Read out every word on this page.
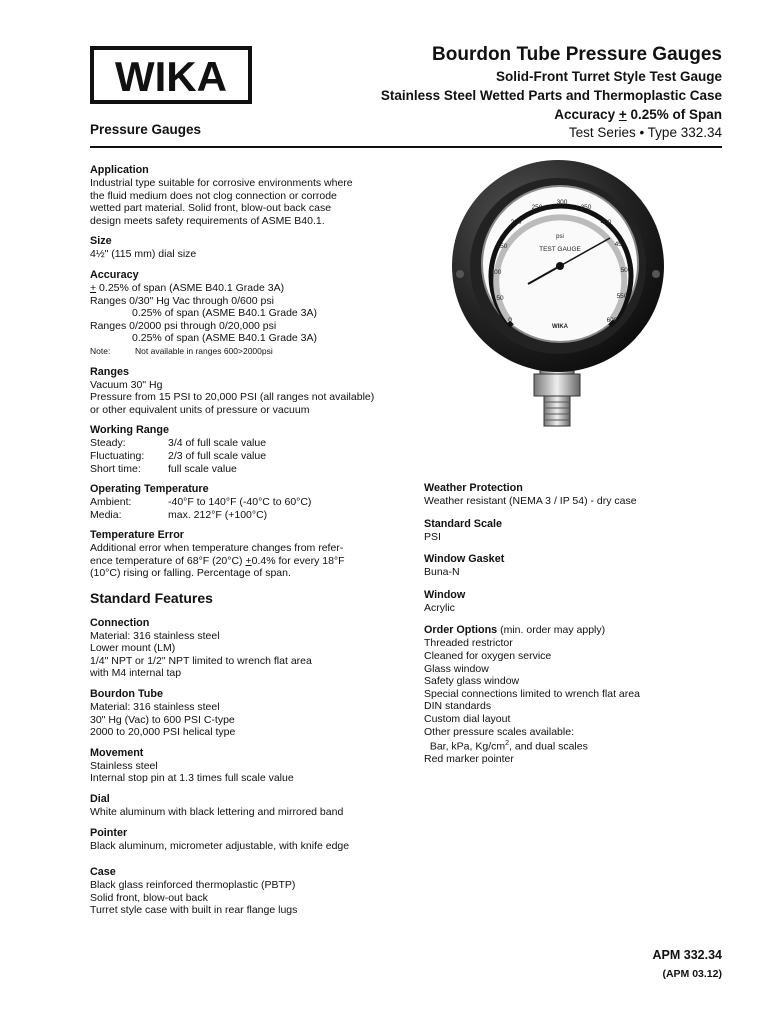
WIKA	Bourdon Tube Pressure Gauges
Solid-Front Turret Style Test Gauge
Stainless Steel Wetted Parts and Thermoplastic Case
Accuracy + 0.25% of Span
Test Series • Type 332.34
Pressure Gauges
250
300
350
200
150
100
50
0
400
450
500
550
600
psi
TEST GAUGE
WIKA
Application
Industrial type suitable for corrosive environments where
the fluid medium does not clog connection or corrode
wetted part material. Solid front, blow-out back case
design meets safety requirements of ASME B40.1.
Size
4½" (115 mm) dial size
Accuracy
+ 0.25% of span (ASME B40.1 Grade 3A)
Ranges 0/30" Hg Vac through 0/600 psi
0.25% of span (ASME B40.1 Grade 3A)
Ranges 0/2000 psi through 0/20,000 psi
0.25% of span (ASME B40.1 Grade 3A)
Note:	Not available in ranges 600>2000psi
Ranges
Vacuum 30" Hg
Pressure from 15 PSI to 20,000 PSI (all ranges not available)
or other equivalent units of pressure or vacuum
Working Range
Steady:	3/4 of full scale value
Fluctuating:	2/3 of full scale value
Short time:	full scale value
Operating Temperature
Ambient:	-40°F to 140°F (-40°C to 60°C)
Media:	max. 212°F (+100°C)
Temperature Error
Additional error when temperature changes from refer-
ence temperature of 68°F (20°C) +0.4% for every 18°F
(10°C) rising or falling. Percentage of span.
Standard Features
Connection
Material: 316 stainless steel
Lower mount (LM)
1/4" NPT or 1/2" NPT limited to wrench flat area
with M4 internal tap
Bourdon Tube
Material: 316 stainless steel
30" Hg (Vac) to 600 PSI C-type
2000 to 20,000 PSI helical type
Movement
Stainless steel
Internal stop pin at 1.3 times full scale value
Dial
White aluminum with black lettering and mirrored band
Pointer
Black aluminum, micrometer adjustable, with knife edge
Case
Black glass reinforced thermoplastic (PBTP)
Solid front, blow-out back
Turret style case with built in rear flange lugs
Weather Protection
Weather resistant (NEMA 3 / IP 54) - dry case
Standard Scale
PSI
Window Gasket
Buna-N
Window
Acrylic
Order Options (min. order may apply)
Threaded restrictor
Cleaned for oxygen service
Glass window
Safety glass window
Special connections limited to wrench flat area
DIN standards
Custom dial layout
Other pressure scales available:
Bar, kPa, $Kg/cm^2$, and dual scales
Red marker pointer
APM 332.34
(APM 03.12)
